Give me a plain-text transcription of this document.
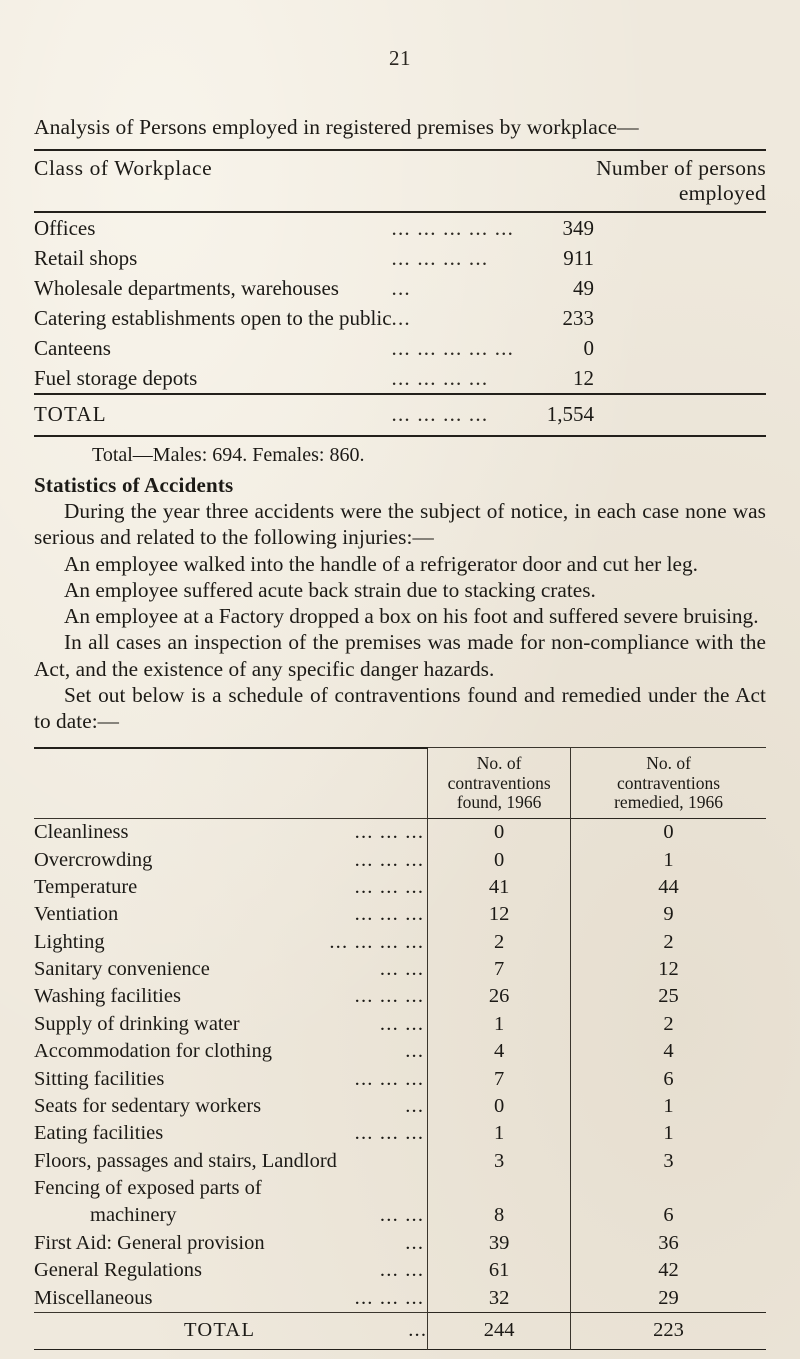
21
Analysis of Persons employed in registered premises by workplace—
Class of Workplace		Number of persons employed
Offices	... ... ... ... ...	349
Retail shops	... ... ... ...	911
Wholesale departments, warehouses	...	49
Catering establishments open to the public	...	233
Canteens	... ... ... ... ...	0
Fuel storage depots	... ... ... ...	12
TOTAL	... ... ... ...	1,554
Total—Males: 694. Females: 860.
Statistics of Accidents

During the year three accidents were the subject of notice, in each case none was serious and related to the following injuries:—

An employee walked into the handle of a refrigerator door and cut her leg.
An employee suffered acute back strain due to stacking crates.
An employee at a Factory dropped a box on his foot and suffered severe bruising.

In all cases an inspection of the premises was made for non-compliance with the Act, and the existence of any specific danger hazards.

Set out below is a schedule of contraventions found and remedied under the Act to date:—

No. of
contraventions
found, 1966

No. of
contraventions
remedied, 1966

Cleanliness ... ... ...	0	0

Overcrowding ... ... ...	0	1

Temperature ... ... ...	41	44

Ventiation ... ... ...	12	9

Lighting ... ... ... ...	2	2

Sanitary convenience ... ...	7	12

Washing facilities ... ... ...	26	25

Supply of drinking water ... ...	1	2

Accommodation for clothing ...	4	4

Sitting facilities ... ... ...	7	6

Seats for sedentary workers ...	0	1

Eating facilities ... ... ...	1	1

Floors, passages and stairs, Landlord	3	3

Fencing of exposed parts of		

machinery ... ...	8	6

First Aid: General provision ...	39	36

General Regulations ... ...	61	42

Miscellaneous ... ... ...	32	29

TOTAL ...	244	223
